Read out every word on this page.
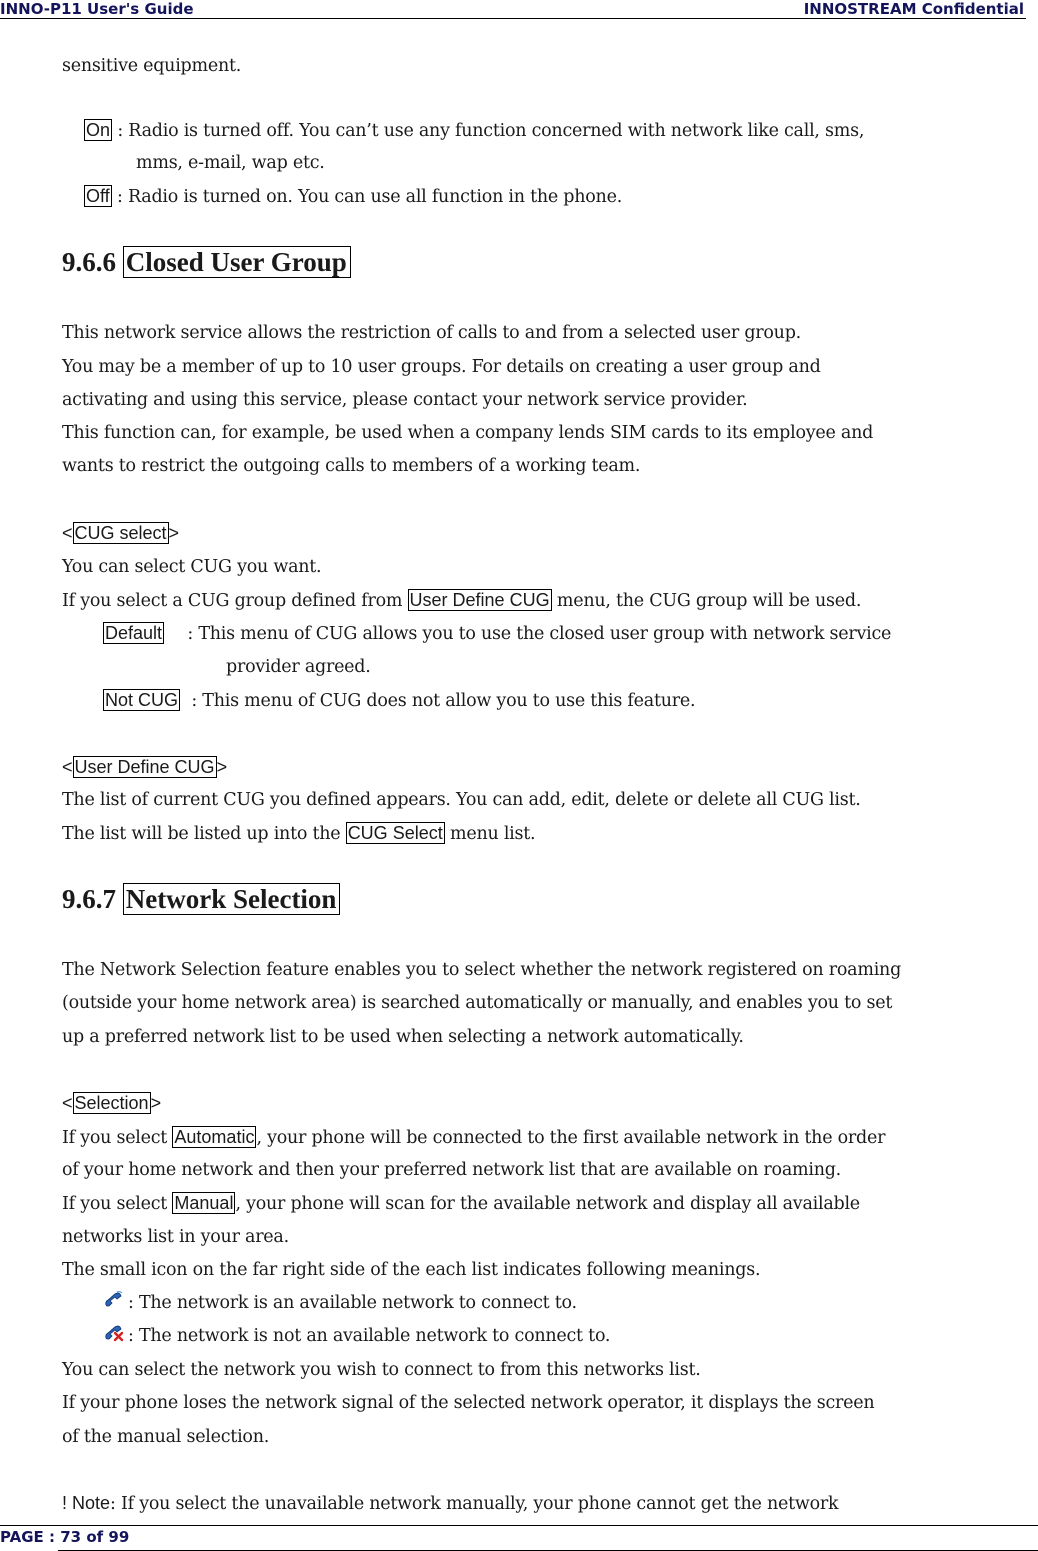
INNO-P11 User's Guide	INNOSTREAM Confidential
sensitive equipment.
On : Radio is turned off. You can’t use any function concerned with network like call, sms,
mms, e-mail, wap etc.
Off : Radio is turned on. You can use all function in the phone.
9.6.6 Closed User Group
This network service allows the restriction of calls to and from a selected user group.
You may be a member of up to 10 user groups. For details on creating a user group and
activating and using this service, please contact your network service provider.
This function can, for example, be used when a company lends SIM cards to its employee and
wants to restrict the outgoing calls to members of a working team.
< CUG select >
You can select CUG you want.
If you select a CUG group defined from User Define CUG menu, the CUG group will be used.
Default : This menu of CUG allows you to use the closed user group with network service
provider agreed.
Not CUG : This menu of CUG does not allow you to use this feature.
< User Define CUG >
The list of current CUG you defined appears. You can add, edit, delete or delete all CUG list.
The list will be listed up into the CUG Select menu list.
9.6.7 Network Selection
The Network Selection feature enables you to select whether the network registered on roaming
(outside your home network area) is searched automatically or manually, and enables you to set
up a preferred network list to be used when selecting a network automatically.
< Selection >
If you select Automatic , your phone will be connected to the first available network in the order
of your home network and then your preferred network list that are available on roaming.
If you select Manual , your phone will scan for the available network and display all available
networks list in your area.
The small icon on the far right side of the each list indicates following meanings.
: The network is an available network to connect to.
: The network is not an available network to connect to.
You can select the network you wish to connect to from this networks list.
If your phone loses the network signal of the selected network operator, it displays the screen
of the manual selection.
! Note: If you select the unavailable network manually, your phone cannot get the network
PAGE : 73 of 99
